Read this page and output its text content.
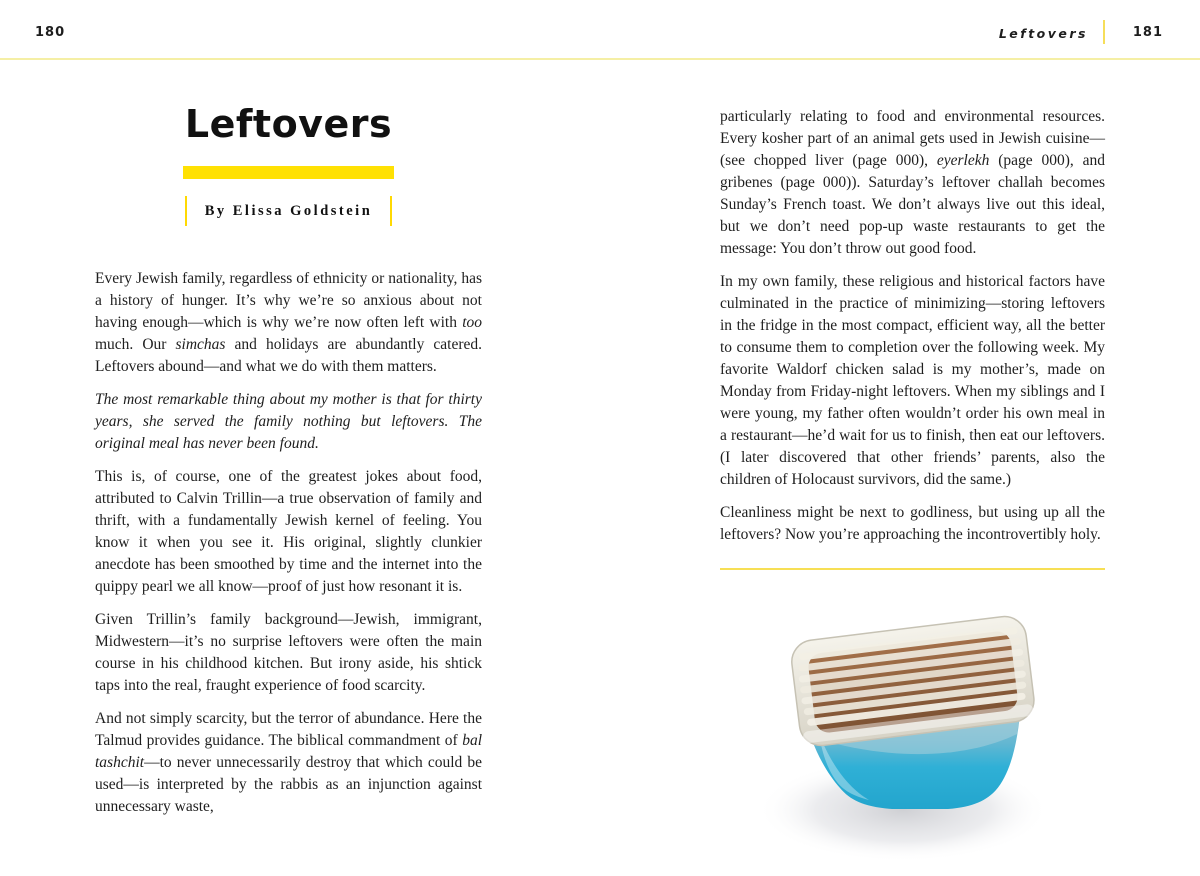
180	Leftovers	181
Leftovers
By Elissa Goldstein

Every Jewish family, regardless of ethnicity or nationality, has a history of hunger. It’s why we’re so anxious about not having enough—which is why we’re now often left with too much. Our simchas and holidays are abundantly catered. Leftovers abound—and what we do with them matters.

The most remarkable thing about my mother is that for thirty years, she served the family nothing but leftovers. The original meal has never been found.

This is, of course, one of the greatest jokes about food, attributed to Calvin Trillin—a true observation of family and thrift, with a fundamentally Jewish kernel of feeling. You know it when you see it. His original, slightly clunkier anecdote has been smoothed by time and the internet into the quippy pearl we all know—proof of just how resonant it is.

Given Trillin’s family background—Jewish, immigrant, Midwestern—it’s no surprise leftovers were often the main course in his childhood kitchen. But irony aside, his shtick taps into the real, fraught experience of food scarcity.

And not simply scarcity, but the terror of abundance. Here the Talmud provides guidance. The biblical commandment of bal tashchit—to never unnecessarily destroy that which could be used—is interpreted by the rabbis as an injunction against unnecessary waste,

particularly relating to food and environmental resources. Every kosher part of an animal gets used in Jewish cuisine—(see chopped liver (page 000), eyerlekh (page 000), and gribenes (page 000)). Saturday’s leftover challah becomes Sunday’s French toast. We don’t always live out this ideal, but we don’t need pop-up waste restaurants to get the message: You don’t throw out good food.

In my own family, these religious and historical factors have culminated in the practice of minimizing—storing leftovers in the fridge in the most compact, efficient way, all the better to consume them to completion over the following week. My favorite Waldorf chicken salad is my mother’s, made on Monday from Friday-night leftovers. When my siblings and I were young, my father often wouldn’t order his own meal in a restaurant—he’d wait for us to finish, then eat our leftovers. (I later discovered that other friends’ parents, also the children of Holocaust survivors, did the same.)

Cleanliness might be next to godliness, but using up all the leftovers? Now you’re approaching the incontrovertibly holy.
